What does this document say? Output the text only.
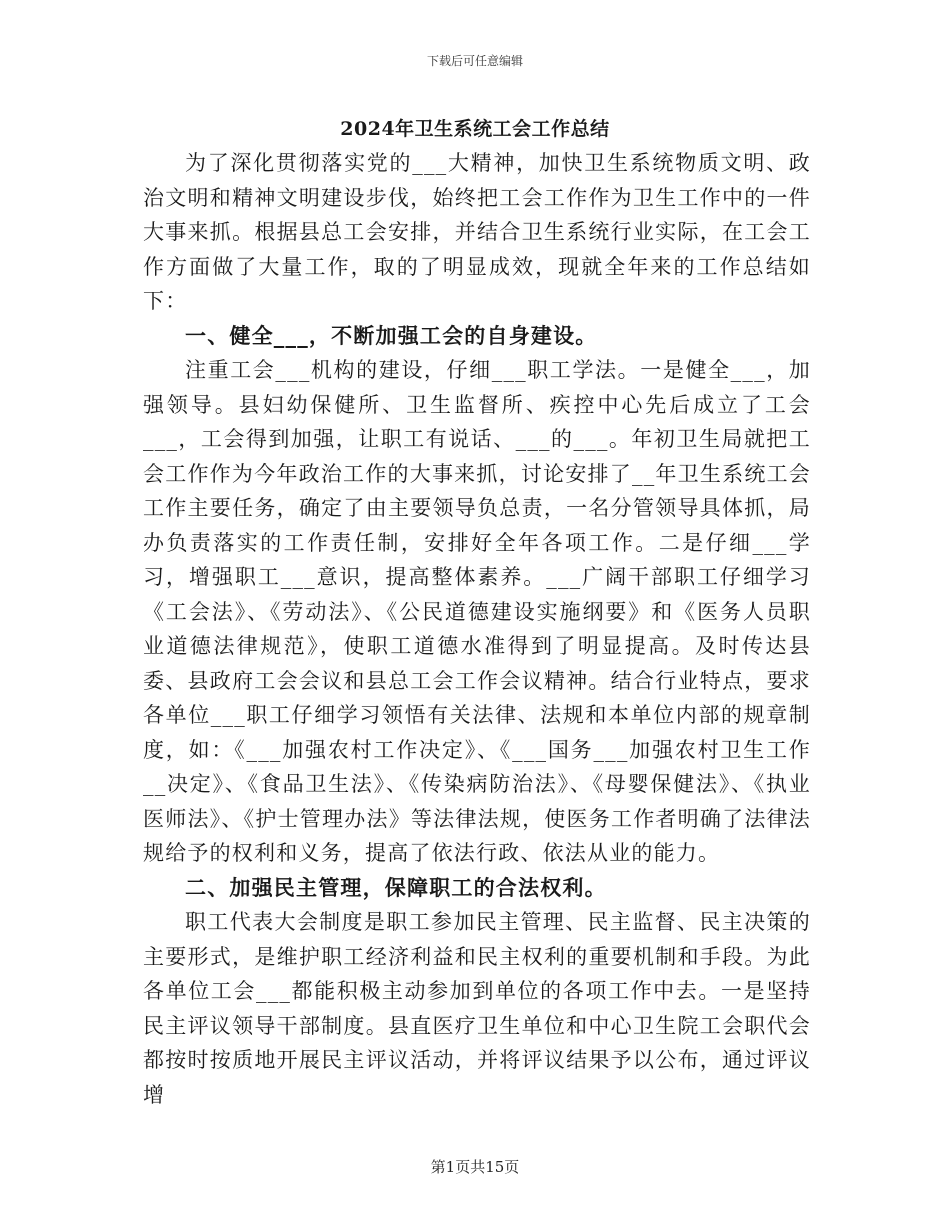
下载后可任意编辑
2024年卫生系统工会工作总结

为了深化贯彻落实党的___大精神，加快卫生系统物质文明、政治文明和精神文明建设步伐，始终把工会工作作为卫生工作中的一件大事来抓。根据县总工会安排，并结合卫生系统行业实际，在工会工作方面做了大量工作，取的了明显成效，现就全年来的工作总结如下：

一、健全___，不断加强工会的自身建设。

注重工会___机构的建设，仔细___职工学法。一是健全___，加强领导。县妇幼保健所、卫生监督所、疾控中心先后成立了工会___，工会得到加强，让职工有说话、___的___。年初卫生局就把工会工作作为今年政治工作的大事来抓，讨论安排了__年卫生系统工会工作主要任务，确定了由主要领导负总责，一名分管领导具体抓，局办负责落实的工作责任制，安排好全年各项工作。二是仔细___学习，增强职工___意识，提高整体素养。___广阔干部职工仔细学习《工会法》、《劳动法》、《公民道德建设实施纲要》和《医务人员职业道德法律规范》，使职工道德水准得到了明显提高。及时传达县委、县政府工会会议和县总工会工作会议精神。结合行业特点，要求各单位___职工仔细学习领悟有关法律、法规和本单位内部的规章制度，如：《___加强农村工作决定》、《___国务___加强农村卫生工作__决定》、《食品卫生法》、《传染病防治法》、《母婴保健法》、《执业医师法》、《护士管理办法》等法律法规，使医务工作者明确了法律法规给予的权利和义务，提高了依法行政、依法从业的能力。

二、加强民主管理，保障职工的合法权利。

职工代表大会制度是职工参加民主管理、民主监督、民主决策的主要形式，是维护职工经济利益和民主权利的重要机制和手段。为此各单位工会___都能积极主动参加到单位的各项工作中去。一是坚持民主评议领导干部制度。县直医疗卫生单位和中心卫生院工会职代会都按时按质地开展民主评议活动，并将评议结果予以公布，通过评议增

第1页共15页
